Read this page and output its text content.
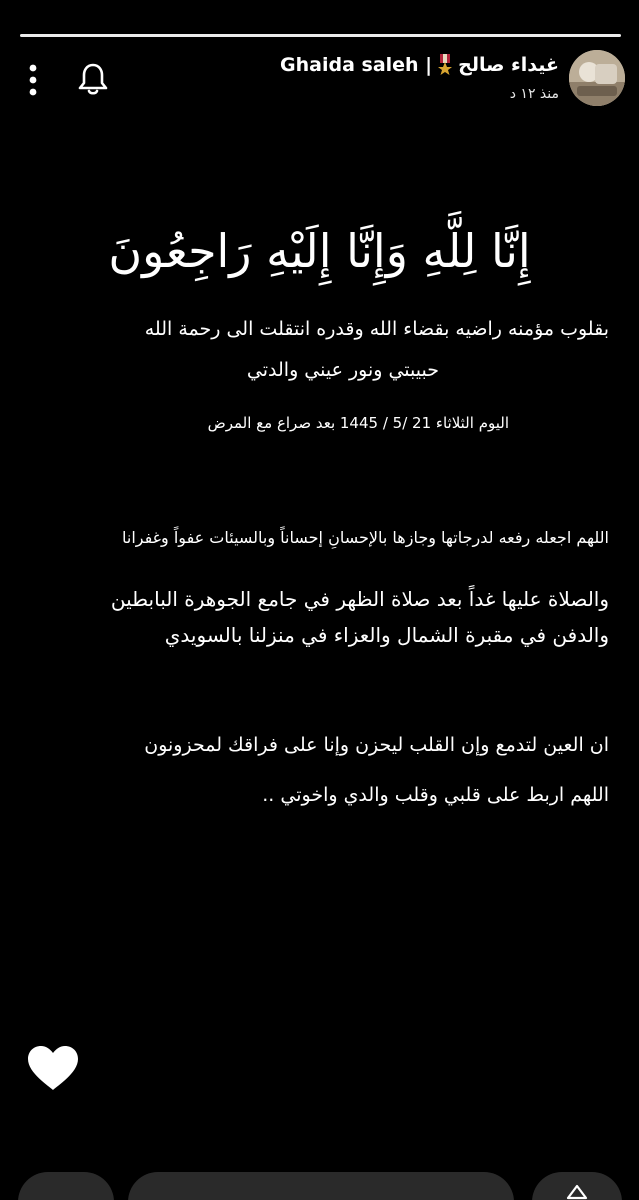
Ghaida saleh | غيداء صالح
منذ ١٢ د
إِنَّا لِلَّهِ وَإِنَّا إِلَيْهِ رَاجِعُونَ
بقلوب مؤمنه راضيه بقضاء الله وقدره انتقلت الى رحمة الله
حبيبتي ونور عيني والدتي
اليوم الثلاثاء 21 /5 / 1445 بعد صراع مع المرض
اللهم اجعله رفعه لدرجاتها وجازها بالإحسانِ إحساناً وبالسيئات عفواً وغفرانا
والصلاة عليها غداً بعد صلاة الظهر في جامع الجوهرة البابطين
والدفن في مقبرة الشمال والعزاء في منزلنا بالسويدي
ان العين لتدمع وإن القلب ليحزن وإنا على فراقك لمحزونون
اللهم اربط على قلبي وقلب والدي واخوتي ..
